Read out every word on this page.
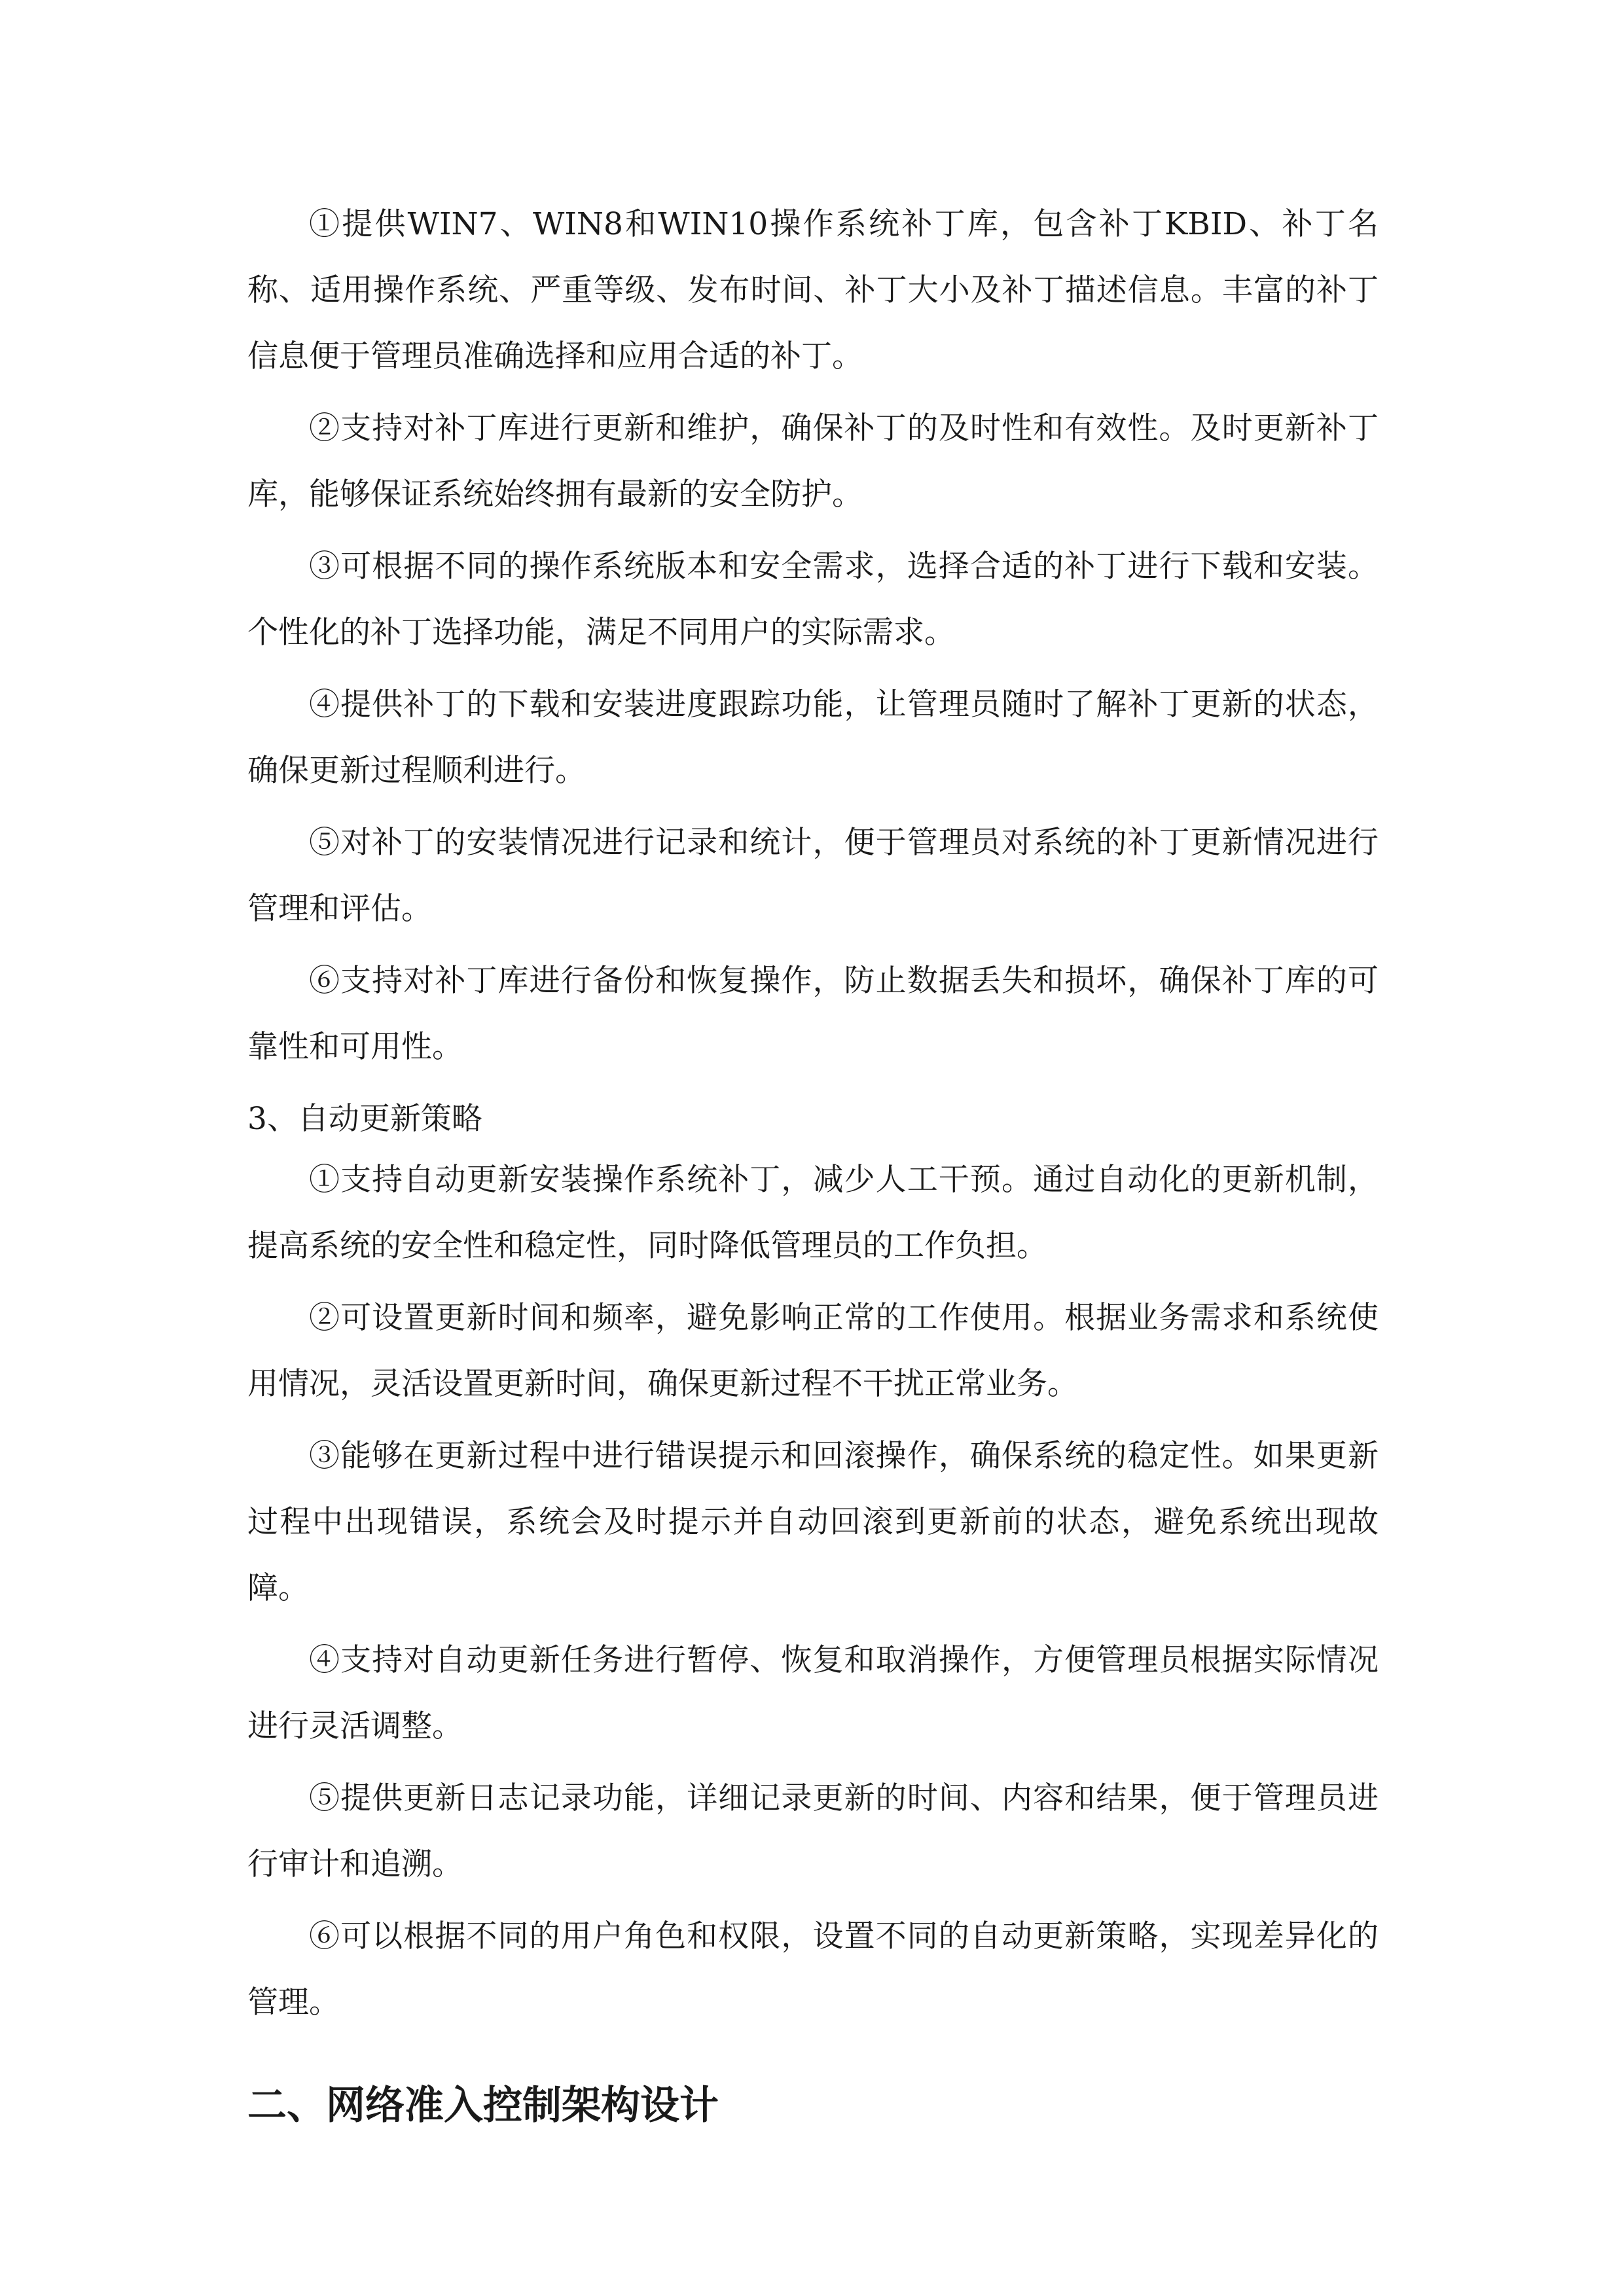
①提供WIN7、WIN8和WIN10操作系统补丁库，包含补丁KBID、补丁名称、适用操作系统、严重等级、发布时间、补丁大小及补丁描述信息。丰富的补丁信息便于管理员准确选择和应用合适的补丁。

②支持对补丁库进行更新和维护，确保补丁的及时性和有效性。及时更新补丁库，能够保证系统始终拥有最新的安全防护。

③可根据不同的操作系统版本和安全需求，选择合适的补丁进行下载和安装。个性化的补丁选择功能，满足不同用户的实际需求。

④提供补丁的下载和安装进度跟踪功能，让管理员随时了解补丁更新的状态，确保更新过程顺利进行。

⑤对补丁的安装情况进行记录和统计，便于管理员对系统的补丁更新情况进行管理和评估。

⑥支持对补丁库进行备份和恢复操作，防止数据丢失和损坏，确保补丁库的可靠性和可用性。

3、自动更新策略

①支持自动更新安装操作系统补丁，减少人工干预。通过自动化的更新机制，提高系统的安全性和稳定性，同时降低管理员的工作负担。

②可设置更新时间和频率，避免影响正常的工作使用。根据业务需求和系统使用情况，灵活设置更新时间，确保更新过程不干扰正常业务。

③能够在更新过程中进行错误提示和回滚操作，确保系统的稳定性。如果更新过程中出现错误，系统会及时提示并自动回滚到更新前的状态，避免系统出现故障。

④支持对自动更新任务进行暂停、恢复和取消操作，方便管理员根据实际情况进行灵活调整。

⑤提供更新日志记录功能，详细记录更新的时间、内容和结果，便于管理员进行审计和追溯。

⑥可以根据不同的用户角色和权限，设置不同的自动更新策略，实现差异化的管理。

二、网络准入控制架构设计
